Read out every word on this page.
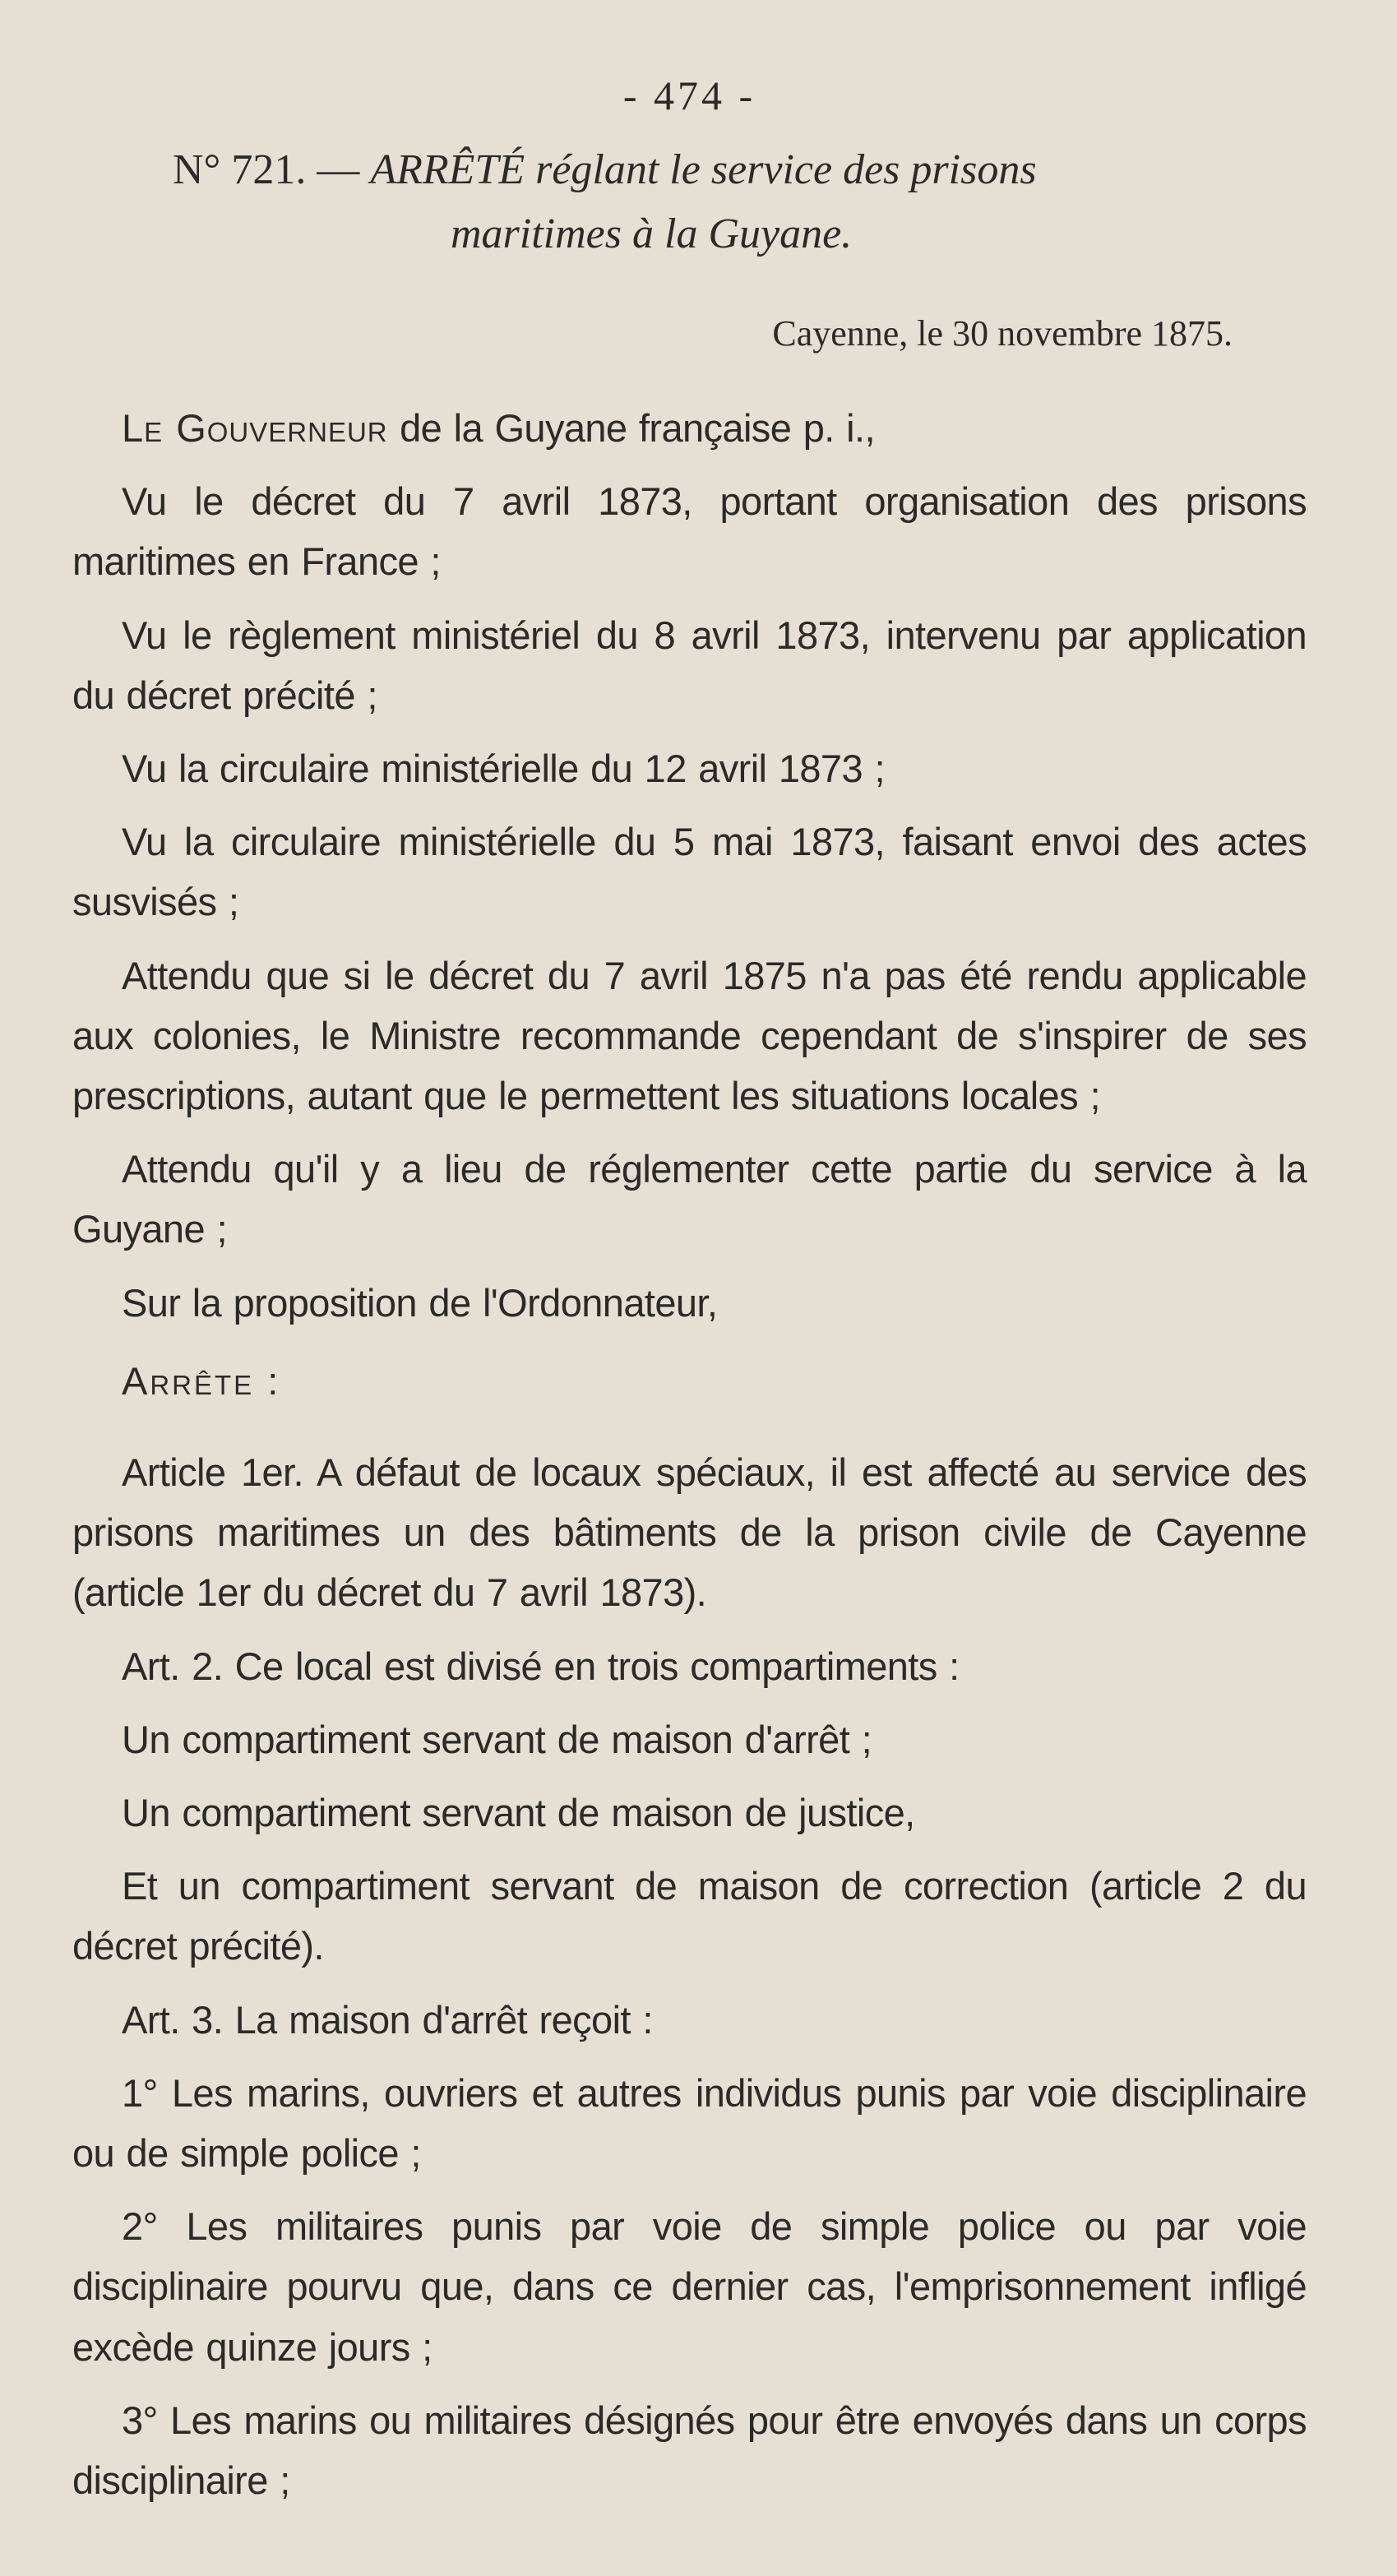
- 474 -
N° 721. — ARRÊTÉ réglant le service des prisons
maritimes à la Guyane.
Cayenne, le 30 novembre 1875.

Le Gouverneur de la Guyane française p. i.,

Vu le décret du 7 avril 1873, portant organisation des prisons maritimes en France ;

Vu le règlement ministériel du 8 avril 1873, intervenu par application du décret précité ;

Vu la circulaire ministérielle du 12 avril 1873 ;

Vu la circulaire ministérielle du 5 mai 1873, faisant envoi des actes susvisés ;

Attendu que si le décret du 7 avril 1875 n'a pas été rendu applicable aux colonies, le Ministre recommande cependant de s'inspirer de ses prescriptions, autant que le permettent les situations locales ;

Attendu qu'il y a lieu de réglementer cette partie du service à la Guyane ;

Sur la proposition de l'Ordonnateur,

Arrête :

Article 1er. A défaut de locaux spéciaux, il est affecté au service des prisons maritimes un des bâtiments de la prison civile de Cayenne (article 1er du décret du 7 avril 1873).

Art. 2. Ce local est divisé en trois compartiments :

Un compartiment servant de maison d'arrêt ;

Un compartiment servant de maison de justice,

Et un compartiment servant de maison de correction (article 2 du décret précité).

Art. 3. La maison d'arrêt reçoit :

1° Les marins, ouvriers et autres individus punis par voie disciplinaire ou de simple police ;

2° Les militaires punis par voie de simple police ou par voie disciplinaire pourvu que, dans ce dernier cas, l'emprisonnement infligé excède quinze jours ;

3° Les marins ou militaires désignés pour être envoyés dans un corps disciplinaire ;
